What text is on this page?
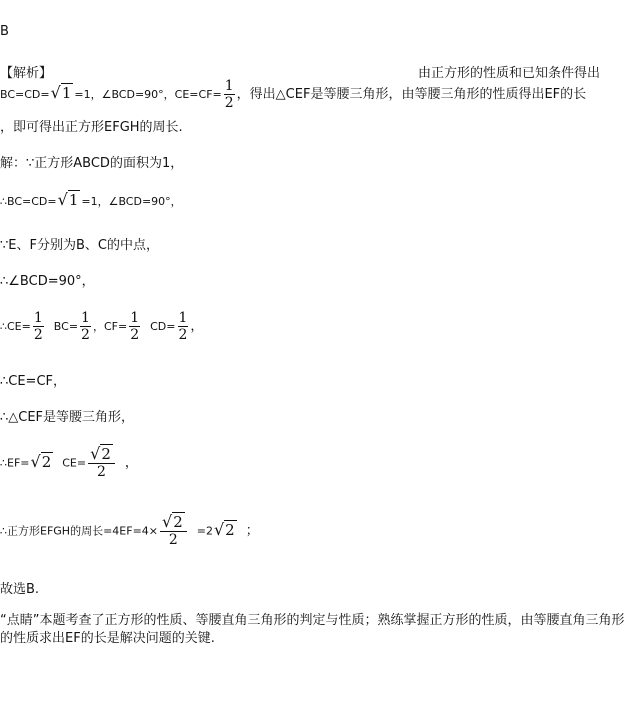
B
【解析】	由正方形的性质和已知条件得出
BC=CD=√1 =1，∠BCD=90°，$CE=CF= \frac{1}{2}$ ，得出△CEF是等腰三角形，由等腰三角形的性质得出EF的长
，即可得出正方形EFGH的周长.
解：∵正方形ABCD的面积为1，
∴BC=CD=√1 =1，∠BCD=90°，
∵E、F分别为B、C的中点，
∴∠BCD=90°，
∴CE= $\frac{1}{2} BC= \frac{1}{2}$ ，$CF= \frac{1}{2} CD= \frac{1}{2}$ ，
∴CE=CF，
∴△CEF是等腰三角形，
∴EF=√2 $CE= \frac{√2}{2}$ ，
∴正方形EFGH的周长$=4EF=4\times \frac{√2}{2} =2√2$ ；
故选B.
“点睛”本题考查了正方形的性质、等腰直角三角形的判定与性质；熟练掌握正方形的性质，由等腰直角三角形的性质求出EF的长是解决问题的关键.
